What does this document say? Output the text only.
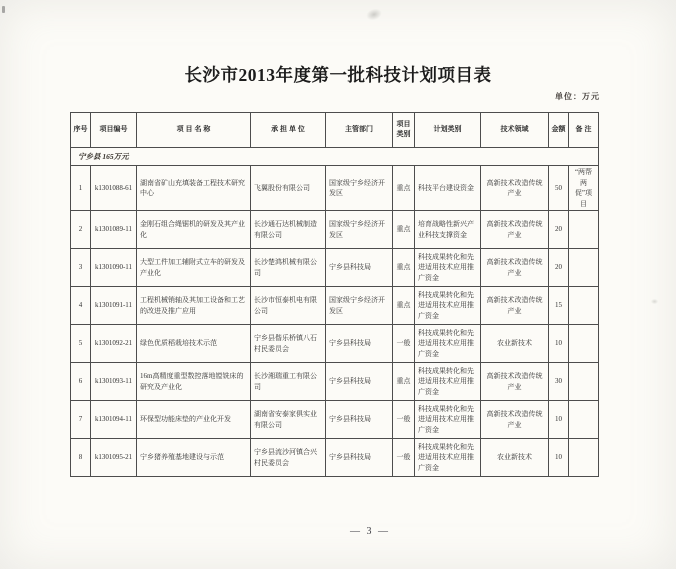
长沙市2013年度第一批科技计划项目表
单位：万元
序号	项目编号	项 目 名 称	承 担 单 位	主管部门	项目类别	计划类别	技术领域	金额	备 注
宁乡县 165万元									
1	k1301088-61	湖南省矿山充填装备工程技术研究中心	飞翼股份有限公司	国家级宁乡经济开发区	重点	科技平台建设资金	高新技术改造传统产业	50	“两帮两促”项目
2	k1301089-11	金刚石组合绳锯机的研发及其产业化	长沙通石达机械制造有限公司	国家级宁乡经济开发区	重点	培育战略性新兴产业科技支撑资金	高新技术改造传统产业	20	
3	k1301090-11	大型工件加工辅附式立车的研发及产业化	长沙楚鸿机械有限公司	宁乡县科技局	重点	科技成果转化和先进适用技术应用推广资金	高新技术改造传统产业	20	
4	k1301091-11	工程机械销轴及其加工设备和工艺的改进及推广应用	长沙市恒泰机电有限公司	国家级宁乡经济开发区	重点	科技成果转化和先进适用技术应用推广资金	高新技术改造传统产业	15	
5	k1301092-21	绿色优质稻栽培技术示范	宁乡县偕乐桥镇八石村民委员会	宁乡县科技局	一般	科技成果转化和先进适用技术应用推广资金	农业新技术	10	
6	k1301093-11	16m高精度重型数控落地镗铣床的研究及产业化	长沙湘瑞重工有限公司	宁乡县科技局	重点	科技成果转化和先进适用技术应用推广资金	高新技术改造传统产业	30	
7	k1301094-11	环保型功能床垫的产业化开发	湖南省安泰家俱实业有限公司	宁乡县科技局	一般	科技成果转化和先进适用技术应用推广资金	高新技术改造传统产业	10	
8	k1301095-21	宁乡猪养殖基地建设与示范	宁乡县流沙河镇合兴村民委员会	宁乡县科技局	一般	科技成果转化和先进适用技术应用推广资金	农业新技术	10	
— 3 —
